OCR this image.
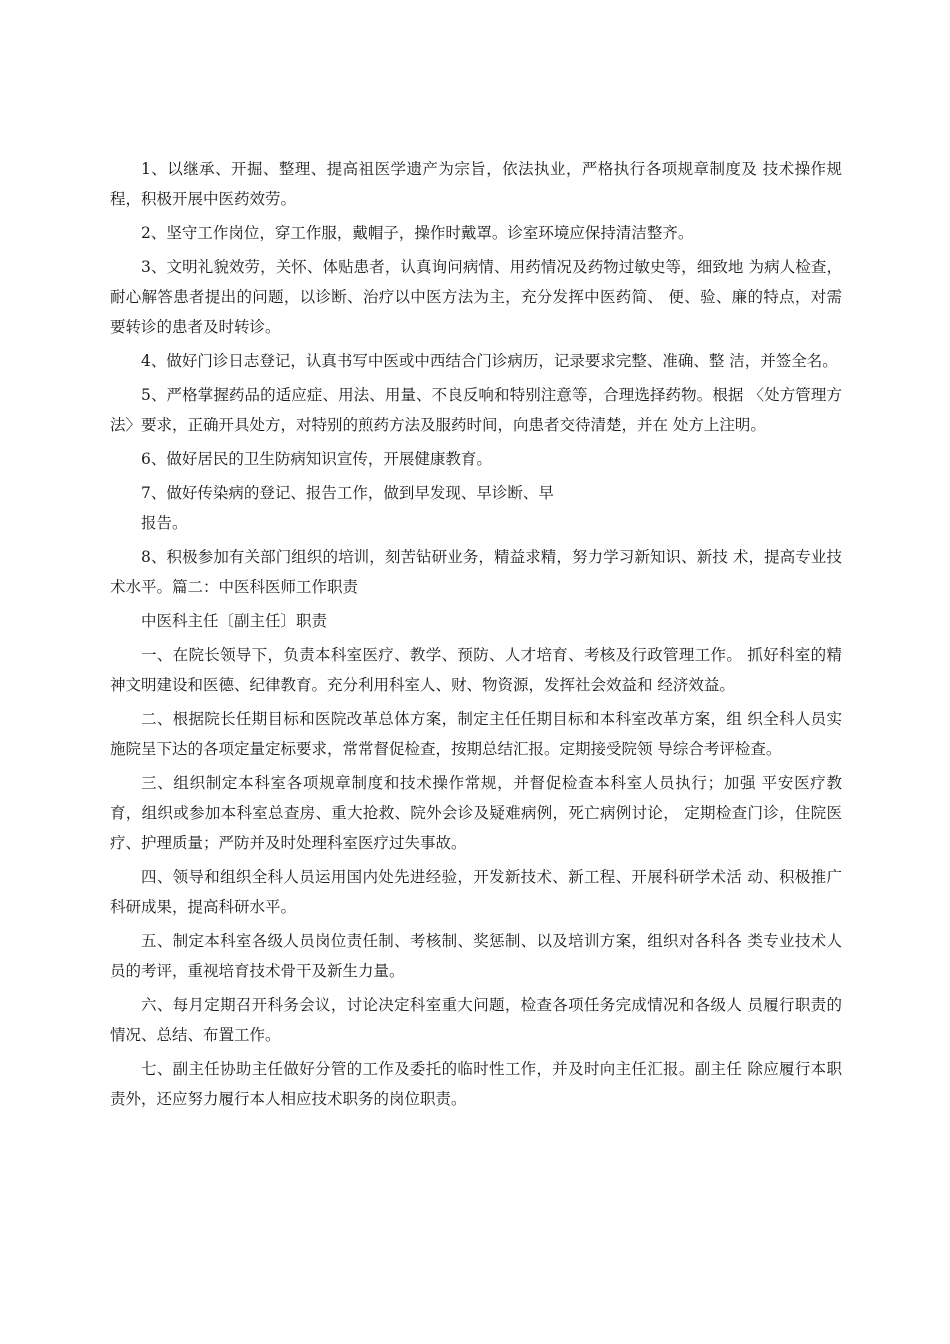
1、以继承、开掘、整理、提高祖医学遗产为宗旨，依法执业，严格执行各项规章制度及 技术操作规程，积极开展中医药效劳。

2、坚守工作岗位，穿工作服，戴帽子，操作时戴罩。诊室环境应保持清洁整齐。

3、文明礼貌效劳，关怀、体贴患者，认真询问病情、用药情况及药物过敏史等，细致地 为病人检查，耐心解答患者提出的问题，以诊断、治疗以中医方法为主，充分发挥中医药简、 便、验、廉的特点，对需要转诊的患者及时转诊。

4、做好门诊日志登记，认真书写中医或中西结合门诊病历，记录要求完整、准确、整 洁，并签全名。

5、严格掌握药品的适应症、用法、用量、不良反响和特别注意等，合理选择药物。根据 〈处方管理方法〉要求，正确开具处方，对特别的煎药方法及服药时间，向患者交待清楚，并在 处方上注明。

6、做好居民的卫生防病知识宣传，开展健康教育。

7、做好传染病的登记、报告工作，做到早发现、早诊断、早

报告。

8、积极参加有关部门组织的培训，刻苦钻研业务，精益求精，努力学习新知识、新技 术，提高专业技术水平。篇二：中医科医师工作职责

中医科主任〔副主任〕职责

一、在院长领导下，负责本科室医疗、教学、预防、人才培育、考核及行政管理工作。 抓好科室的精神文明建设和医德、纪律教育。充分利用科室人、财、物资源，发挥社会效益和 经济效益。

二、根据院长任期目标和医院改革总体方案，制定主任任期目标和本科室改革方案，组 织全科人员实施院呈下达的各项定量定标要求，常常督促检查，按期总结汇报。定期接受院领 导综合考评检查。

三、组织制定本科室各项规章制度和技术操作常规，并督促检查本科室人员执行；加强 平安医疗教育，组织或参加本科室总查房、重大抢救、院外会诊及疑难病例，死亡病例讨论， 定期检查门诊，住院医疗、护理质量；严防并及时处理科室医疗过失事故。

四、领导和组织全科人员运用国内处先进经验，开发新技术、新工程、开展科研学术活 动、积极推广科研成果，提高科研水平。

五、制定本科室各级人员岗位责任制、考核制、奖惩制、以及培训方案，组织对各科各 类专业技术人员的考评，重视培育技术骨干及新生力量。

六、每月定期召开科务会议，讨论决定科室重大问题，检查各项任务完成情况和各级人 员履行职责的情况、总结、布置工作。

七、副主任协助主任做好分管的工作及委托的临时性工作，并及时向主任汇报。副主任 除应履行本职责外，还应努力履行本人相应技术职务的岗位职责。
